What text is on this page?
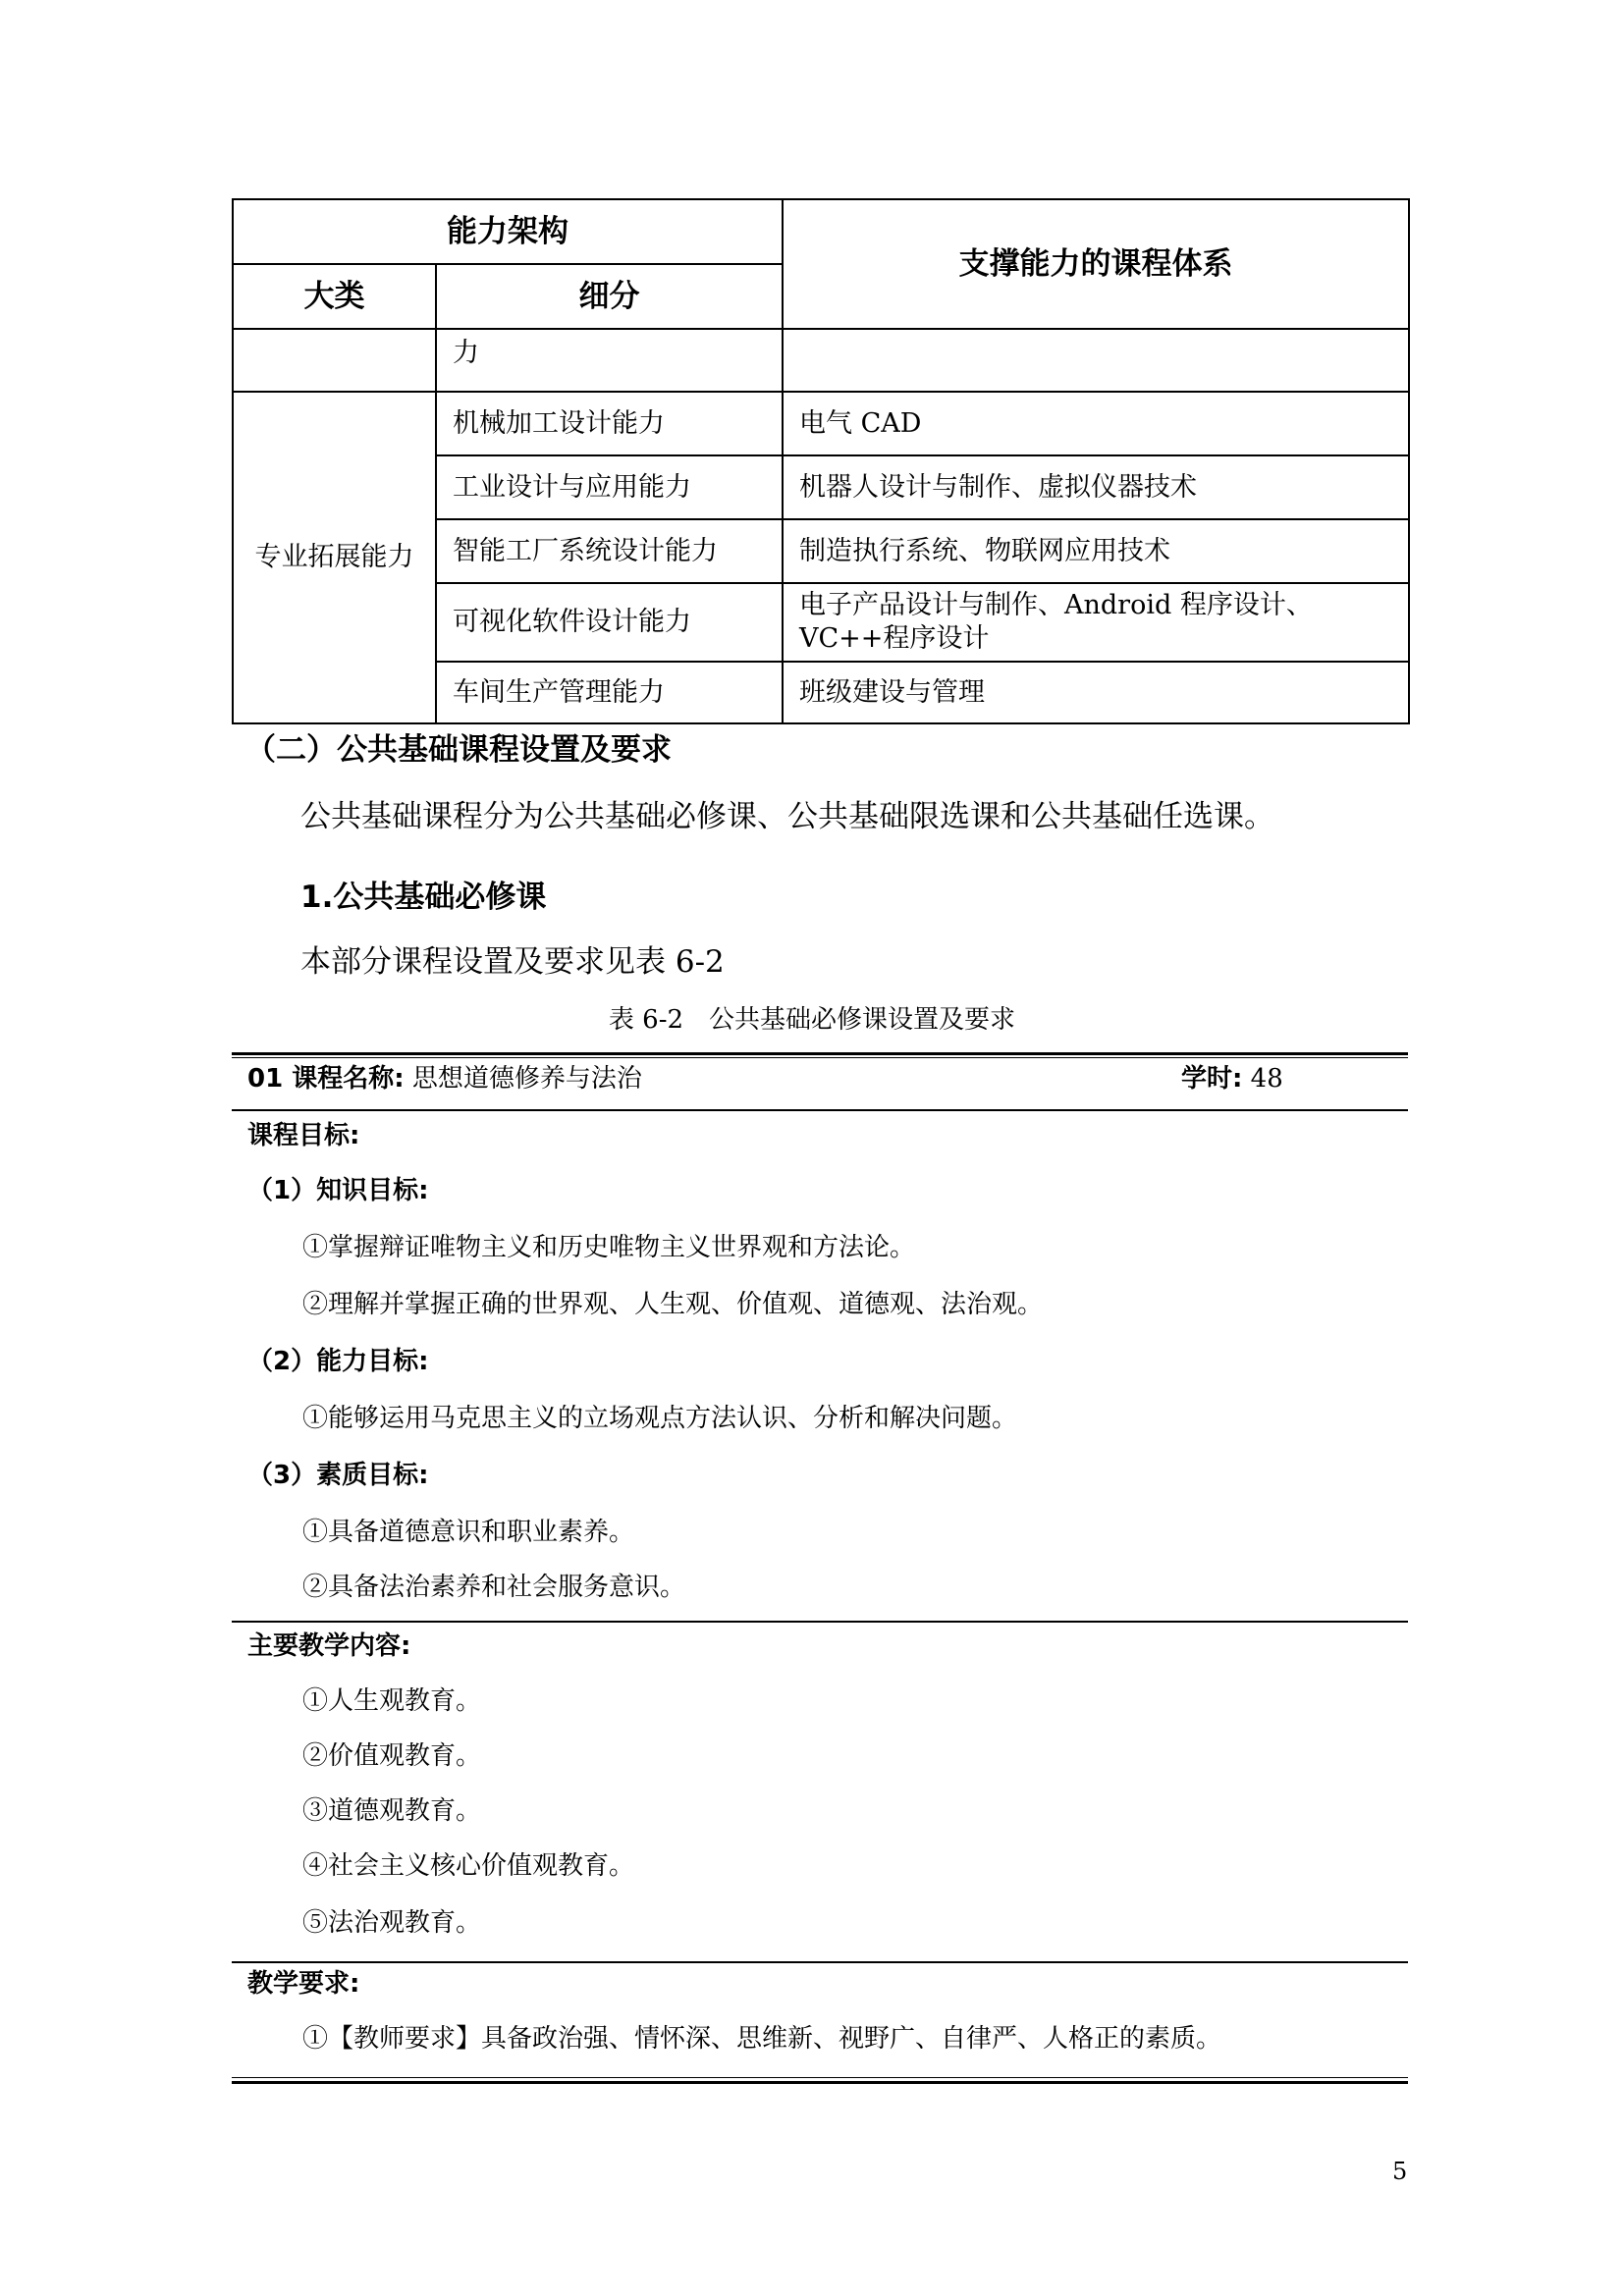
能力架构		支撑能力的课程体系
大类	细分	
	力	
专业拓展能力	机械加工设计能力	电气 CAD
	工业设计与应用能力	机器人设计与制作、虚拟仪器技术
	智能工厂系统设计能力	制造执行系统、物联网应用技术
	可视化软件设计能力	电子产品设计与制作、Android 程序设计、VC++程序设计
	车间生产管理能力	班级建设与管理
（二）公共基础课程设置及要求
公共基础课程分为公共基础必修课、公共基础限选课和公共基础任选课。
1.公共基础必修课
本部分课程设置及要求见表 6-2
表 6-2　公共基础必修课设置及要求
01 课程名称: 思想道德修养与法治	学时: 48
课程目标:
（1）知识目标:
①掌握辩证唯物主义和历史唯物主义世界观和方法论。
②理解并掌握正确的世界观、人生观、价值观、道德观、法治观。
（2）能力目标:
①能够运用马克思主义的立场观点方法认识、分析和解决问题。
（3）素质目标:
①具备道德意识和职业素养。
②具备法治素养和社会服务意识。
主要教学内容:
①人生观教育。
②价值观教育。
③道德观教育。
④社会主义核心价值观教育。
⑤法治观教育。
教学要求:
①【教师要求】具备政治强、情怀深、思维新、视野广、自律严、人格正的素质。
5
